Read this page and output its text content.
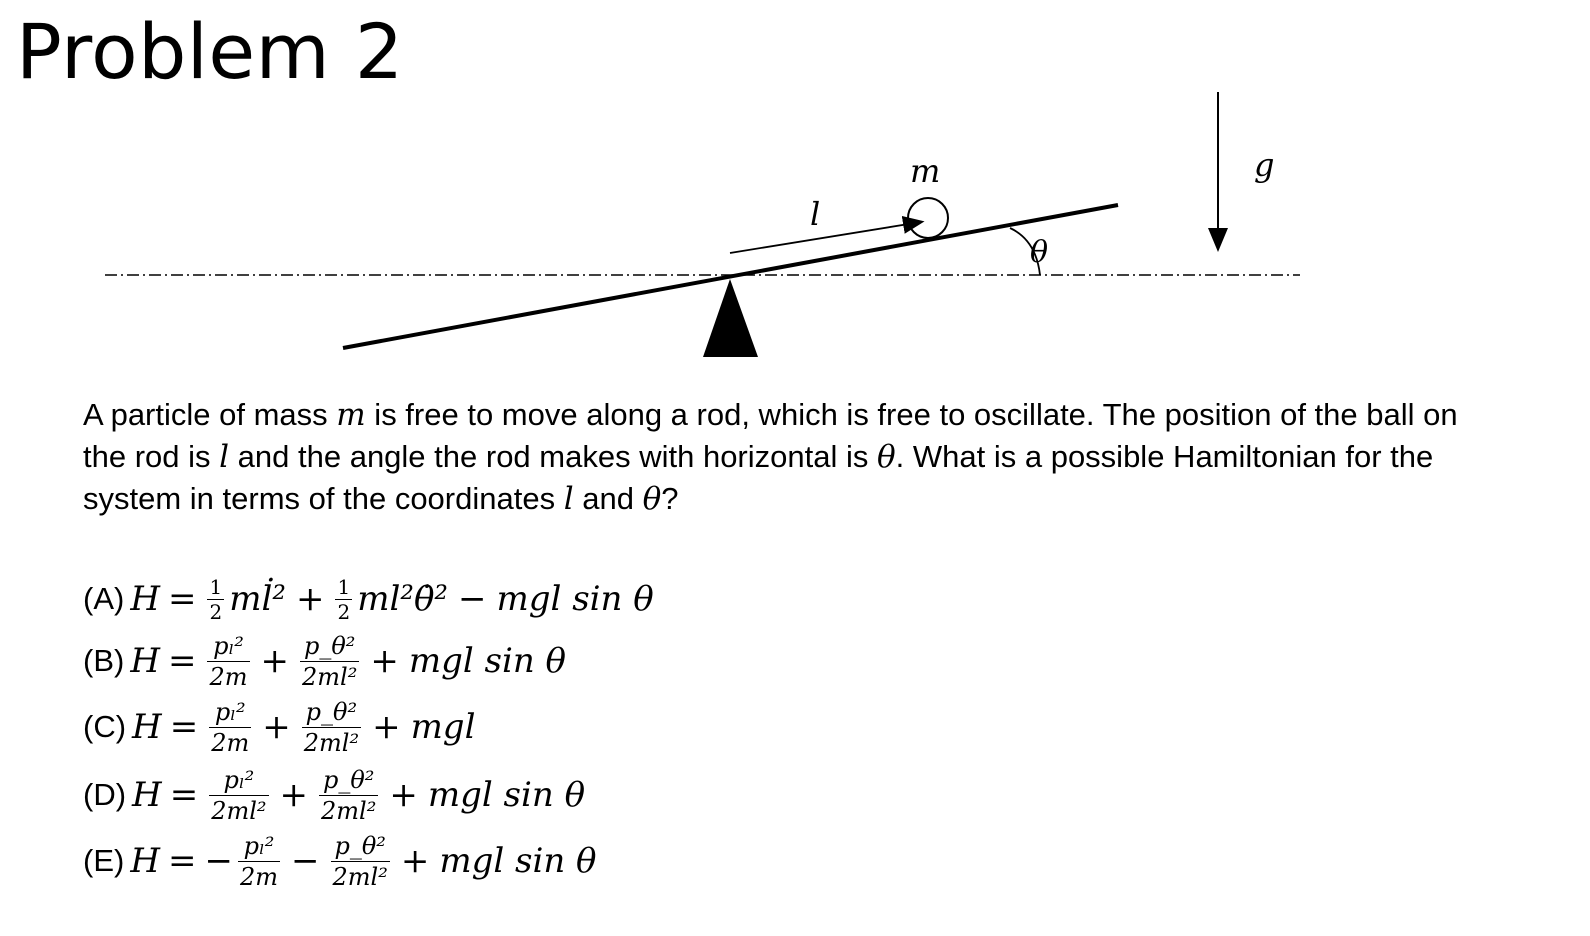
Problem 2
m
l
θ
g
A particle of mass m is free to move along a rod, which is free to oscillate. The position of the ball on
the rod is l and the angle the rod makes with horizontal is θ. What is a possible Hamiltonian for the
system in terms of the coordinates l and θ?
(A) $H = \frac{1}{2}$ ml̇² + $\frac{1}{2}$ ml²θ̇² − mgl sin θ
(B) $H = \frac{\text{pₗ²}}{2m} + \frac{\text{p\_θ²}}{\text{2ml²}}$ + mgl sin θ
(C) $H = \frac{\text{pₗ²}}{2m} + \frac{\text{p\_θ²}}{\text{2ml²}}$ + mgl
(D) $H = \frac{\text{pₗ²}}{\text{2ml²}} + \frac{\text{p\_θ²}}{\text{2ml²}}$ + mgl sin θ
(E) H = − $\frac{\text{pₗ²}}{2m} - \frac{\text{p\_θ²}}{\text{2ml²}}$ + mgl sin θ
